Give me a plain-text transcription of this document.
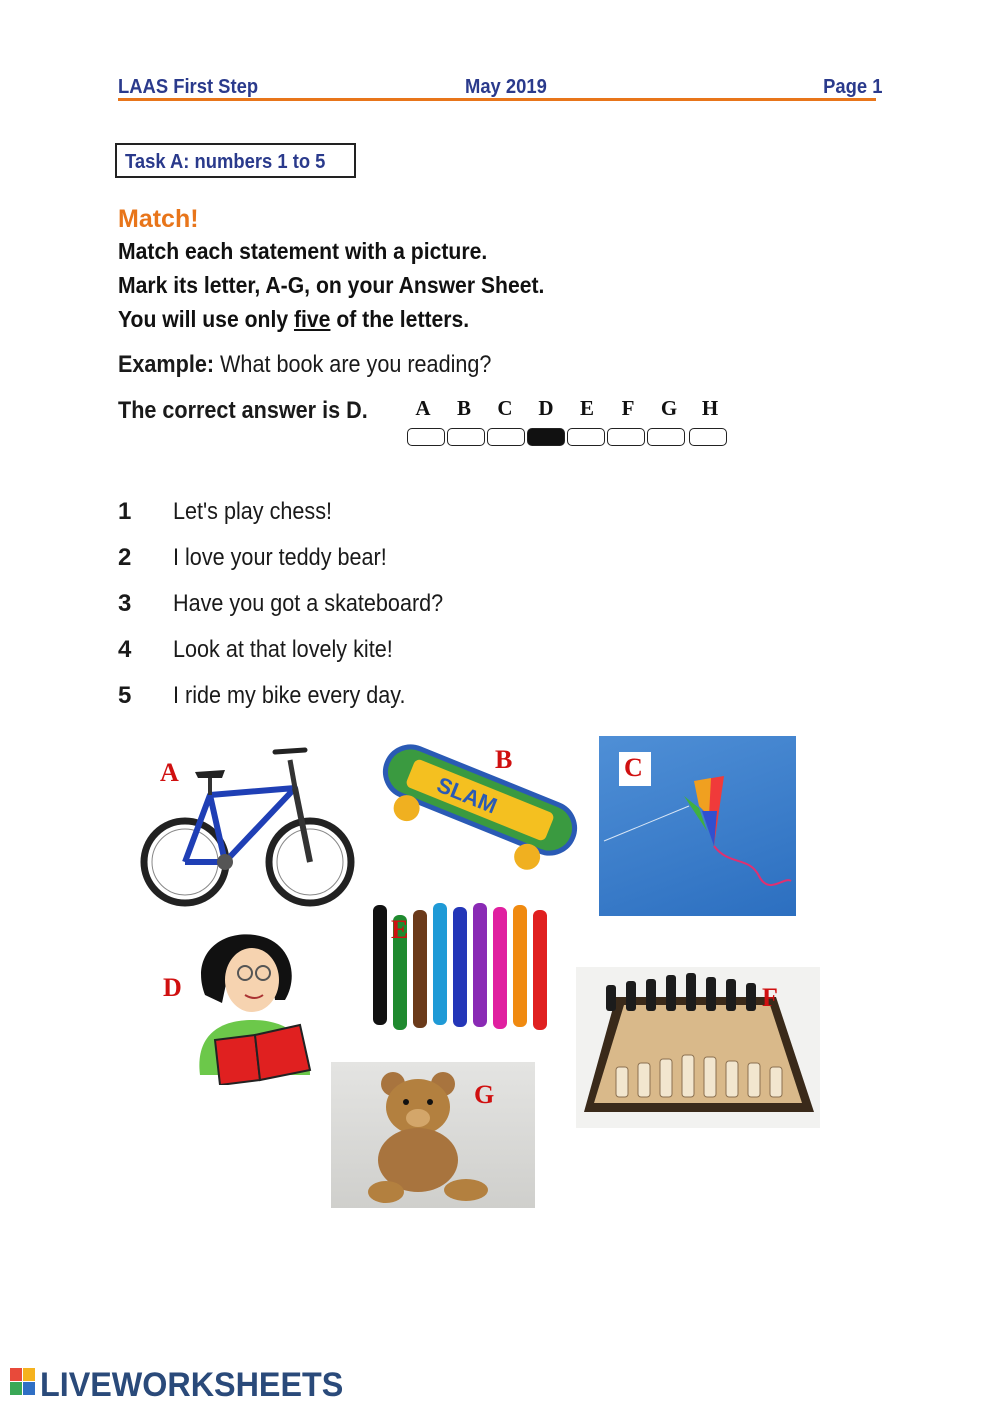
LAAS First Step	May 2019	Page 1
Task A: numbers 1 to 5
Match!
Match each statement with a picture.
Mark its letter, A-G, on your Answer Sheet.
You will use only five of the letters.
Example: What book are you reading?
The correct answer is D.	A	B	C	D	E	F	G	H
1 Let's play chess!
2 I love your teddy bear!
3 Have you got a skateboard?
4 Look at that lovely kite!
5 I ride my bike every day.
A	SLAM
B	C
D
E
F
G
LIVEWORKSHEETS
